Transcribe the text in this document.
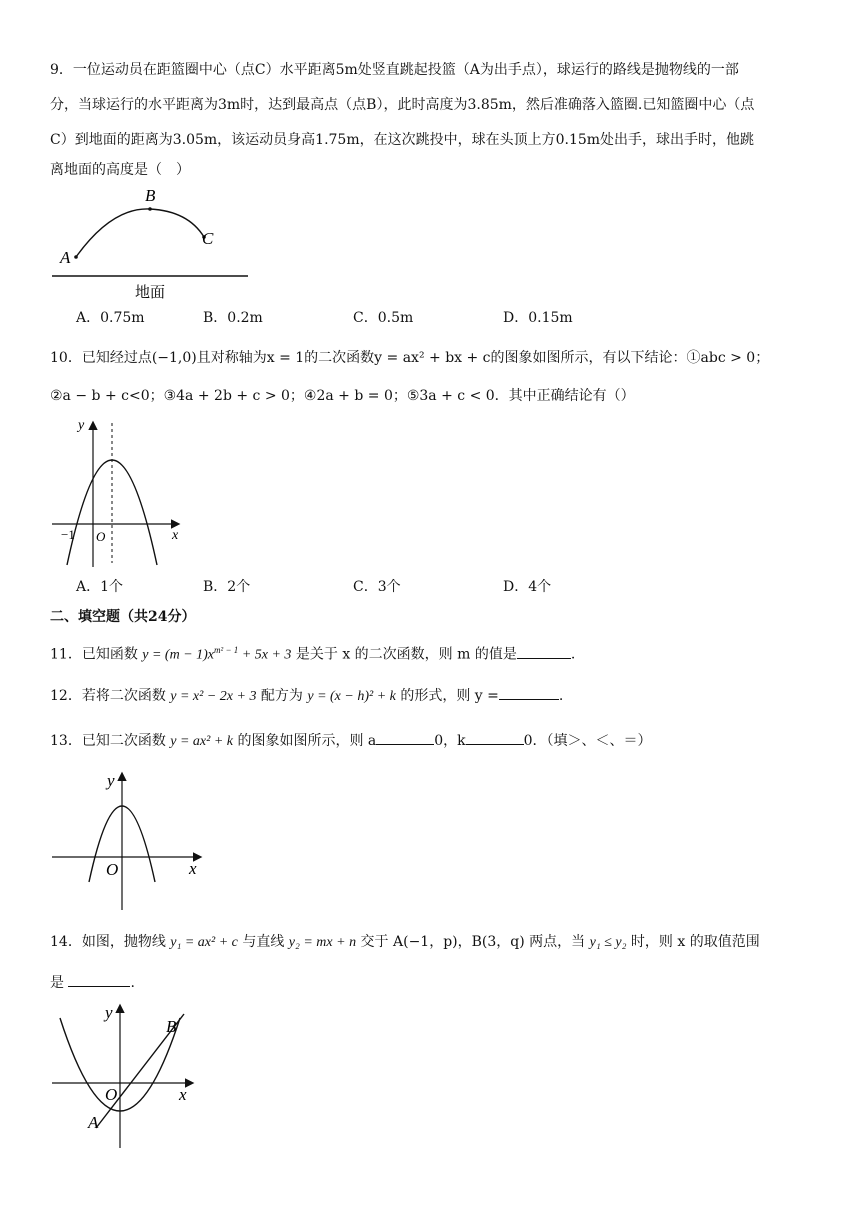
9．一位运动员在距篮圈中心（点C）水平距离5m处竖直跳起投篮（A为出手点），球运行的路线是抛物线的一部
分，当球运行的水平距离为3m时，达到最高点（点B），此时高度为3.85m，然后准确落入篮圈.已知篮圈中心（点
C）到地面的距离为3.05m，该运动员身高1.75m，在这次跳投中，球在头顶上方0.15m处出手，球出手时，他跳
离地面的高度是（　）
A
B
C
地面
A．0.75m	B．0.2m	C．0.5m	D．0.15m
10．已知经过点(−1,0)且对称轴为x = 1的二次函数y = ax² + bx + c的图象如图所示，有以下结论：①abc > 0；
②a − b + c<0；③4a + 2b + c > 0；④2a + b = 0；⑤3a + c < 0．其中正确结论有（）
y
x
O
−1
A．1个	B．2个	C．3个	D．4个
二、填空题（共24分）
11．已知函数 $y = (m - 1)x^{m^2 - 1} + 5x + 3$ 是关于 x 的二次函数，则 m 的值是	.
12．若将二次函数 y = x² − 2x + 3 配方为 y = (x − h)² + k 的形式，则 y =	.
13．已知二次函数 y = ax² + k 的图象如图所示，则 a	0，k	0．（填＞、＜、＝）
y
x
O
14．如图，抛物线 y₁ = ax² + c 与直线 y₂ = mx + n 交于 A(−1，p)，B(3，q) 两点，当 y₁ ≤ y₂ 时，则 x 的取值范围
是	.
y
x
O
A
B
